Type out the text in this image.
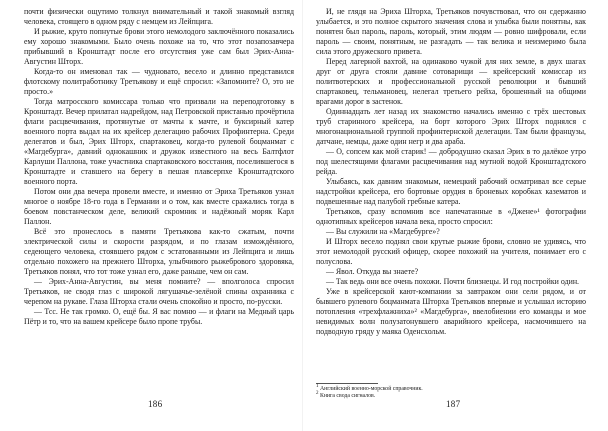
почти физически ощутимо толкнул внимательный и такой знакомый взгляд человека, стоящего в одном ряду с немцем из Лейпцига.

И рыжие, круто попнутые брови этого немолодого заключённого показались ему хорошо знакомыми. Было очень похоже на то, что этот позапозавчера прибывший в Кронштадт после его отсутствия уже сам был Эрих-Анна-Августин Шторх.

Когда-то он именовал так — чудновато, весело и длинно представился флотскому политработнику Третьякову и ещё спросил: «Запомните? О, это не просто.»

Тогда матросского комиссара только что призвали на переподготовку в Кронштадт. Вечер прилатал надрейдом, над Петровской пристанью прочёртила флаги расцвечивания, протянутые от мачты к мачте, и буксирный катер военного порта выдал на их крейсер делегацию рабочих Профинтерна. Среди делегатов и был, Эрих Шторх, спартаковец, когда-то рулевой боцманмат с «Магдебурга», давний однокашник и дружок известного на весь Балтфлот Карлуши Паллона, тоже участника спартаковского восстания, поселившегося в Кронштадте и ставшего на берегу в пешая плавсерпхе Кронштадтского военного порта.

Потом они два вечера провели вместе, и именно от Эриха Третьяков узнал многое о ноябре 18-го года в Германии и о том, как вместе сражались тогда в боевом повстанческом деле, великий скромник и надёжный моряк Карл Паллон.

Всё это пронеслось в памяти Третьякова как-то сжатым, почти электрической силы и скорости разрядом, и по глазам измождённого, седеющего человека, стоявшего рядом с эстатованными из Лейпцига и лишь отдельно похожего на прежнего Шторха, улыбчивого рыжебрового здоровяка, Третьяков понял, что тот тоже узнал его, даже раньше, чем он сам.

— Эрих-Анна-Августин, вы меня помните? — вполголоса спросил Третьяков, не сводя глаз с широкой лягушачье-зелёной спины охранника с черепом на рукаве. Глаза Шторха стали очень спокойно и просто, по-русски.

— Тсс. Не так громко. О, ещё бы. Я вас помню — и флаги на Медный царь Пётр и то, что на вашем крейсере было пропе трубы.

186

И, не глядя на Эриха Шторха, Третьяков почувствовал, что он сдержанно улыбается, и это полное скрытого значения слова и улыбка были понятны, как понятен был пароль, пароль, который, этим людям — ровно шифровали, если пароль — своим, понятным, не разгадать — так велика и неизмеримо была сила этого дружеского привета.

Перед лагерной вахтой, на одинаково чужой для них земле, в двух шагах друг от друга стояли давние сотоварищи — крейсерский комиссар из политвотерских и профессиональной русской революции и бывший спартаковец, тельмановец, нелегал третьего рейха, брошенный на общими врагами дорог в застенок.

Одиннадцать лет назад их знакомство начались именно с трёх шестовых труб старинного крейсера, на борт которого Эрих Шторх поднялся с многонациональной группой профинтернской делегации. Там были французы, датчане, немцы, даже один негр и два араба.

— О, сопсем как мой старик! — добродушно сказал Эрих в то далёкое утро под шелестящими флагами расцвечивания над мутной водой Кронштадтского рейда.

Улыбаясь, как давним знакомым, немецкий рабочий осматривал все серые надстройки крейсера, его бортовые орудия в броневых коробках казематов и подвешенные над палубой гребные катера.

Третьяков, сразу вспомнив все напечатанные в «Джене»¹ фотографии однотипных крейсеров начала века, просто спросил:

— Вы служили на «Магдебурге»?

И Шторх весело поднял свои крутые рыжие брови, словно не удивясь, что этот немолодой русский офицер, скорее похожий на учителя, понимает его с полуслова.

— Явол. Откуда вы знаете?

— Так ведь они все очень похожи. Почти близнецы. И год постройки один.

Уже в крейсерской кают-компании за завтраком они сели рядом, и от бывшего рулевого боцманмата Шторха Третьяков впервые и услышал историю потопления «трехфлажниха»² «Магдебурга», ввелобиении его команды и мое невидимых волн полузатонувшего аварийного крейсера, насмочившего на подводную гряду у маяка Оденсхольм.

1 Английский военно-морской справочник.
2 Книга свода сигналов.
187
